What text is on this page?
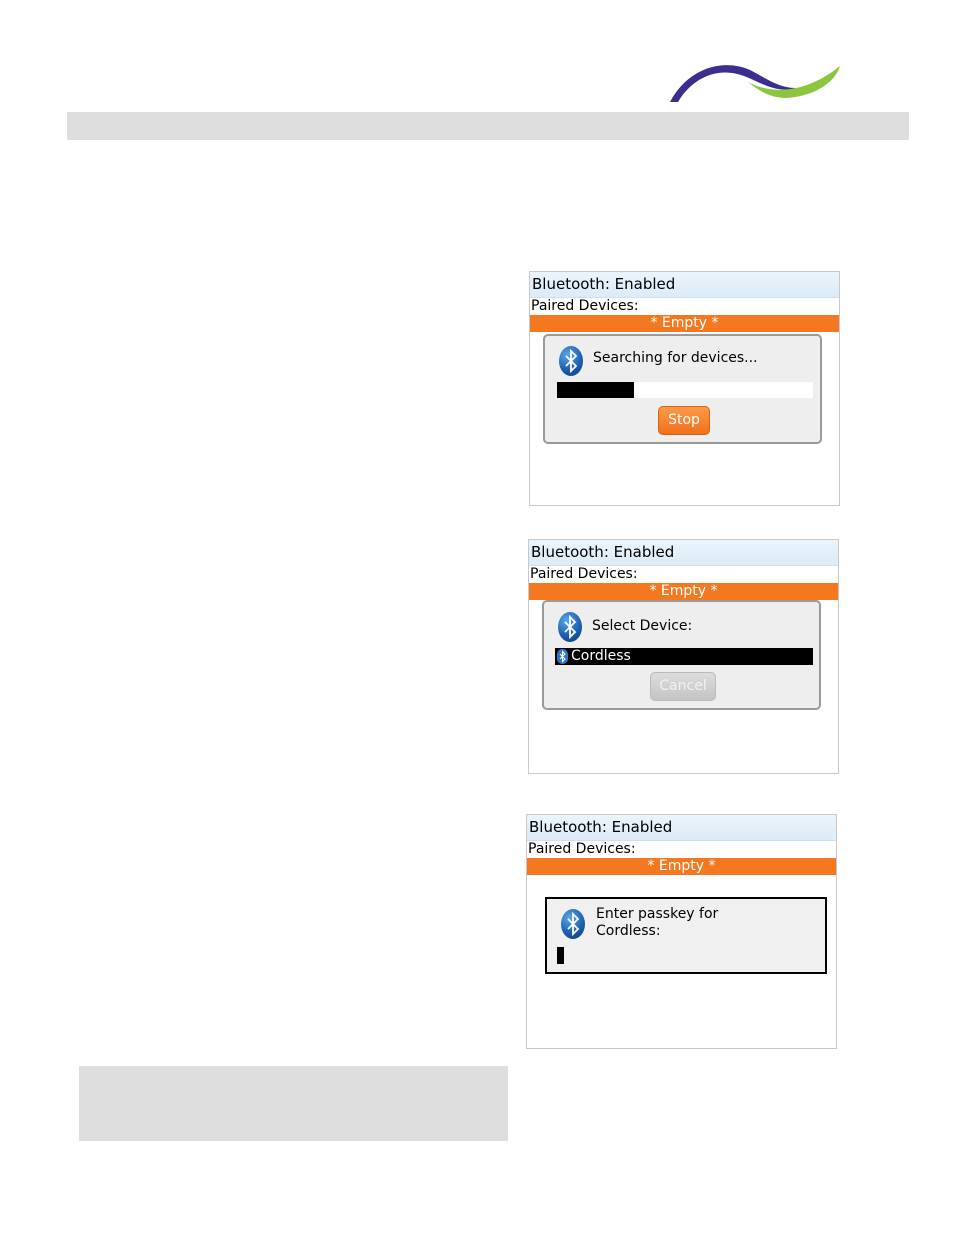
Bluetooth: Enabled
Paired Devices:
* Empty *
Searching for devices...
Stop
Bluetooth: Enabled
Paired Devices:
* Empty *
Select Device:
Cordless
Cancel
Bluetooth: Enabled
Paired Devices:
* Empty *
Enter passkey for
Cordless:
